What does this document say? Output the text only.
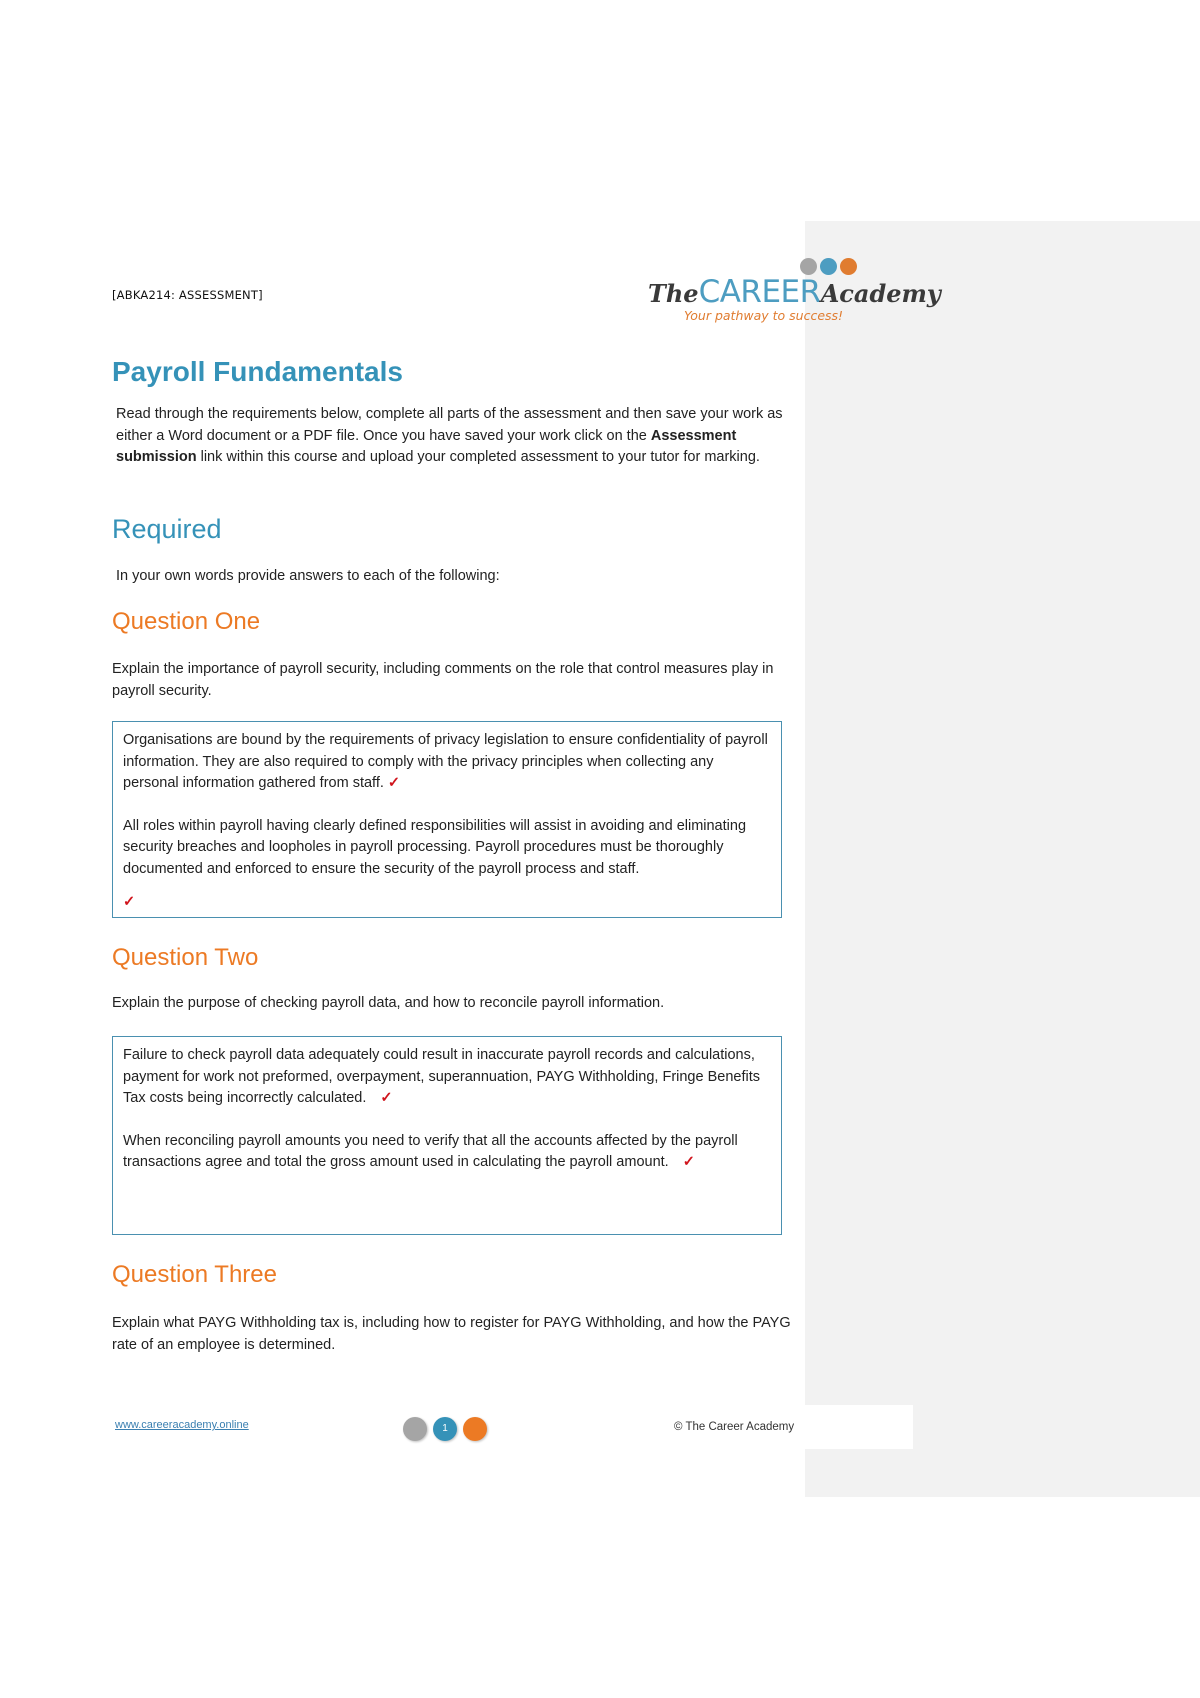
[ABKA214: ASSESSMENT]	TheCAREERAcademy
Your pathway to success!
Payroll Fundamentals
Read through the requirements below, complete all parts of the assessment and then save your work as either a Word document or a PDF file. Once you have saved your work click on the Assessment submission link within this course and upload your completed assessment to your tutor for marking.
Required
In your own words provide answers to each of the following:
Question One
Explain the importance of payroll security, including comments on the role that control measures play in payroll security.

Organisations are bound by the requirements of privacy legislation to ensure confidentiality of payroll information. They are also required to comply with the privacy principles when collecting any personal information gathered from staff. ✓

All roles within payroll having clearly defined responsibilities will assist in avoiding and eliminating security breaches and loopholes in payroll processing. Payroll procedures must be thoroughly documented and enforced to ensure the security of the payroll process and staff.

✓

Question Two
Explain the purpose of checking payroll data, and how to reconcile payroll information.

Failure to check payroll data adequately could result in inaccurate payroll records and calculations, payment for work not preformed, overpayment, superannuation, PAYG Withholding, Fringe Benefits Tax costs being incorrectly calculated. ✓

When reconciling payroll amounts you need to verify that all the accounts affected by the payroll transactions agree and total the gross amount used in calculating the payroll amount. ✓

Question Three
Explain what PAYG Withholding tax is, including how to register for PAYG Withholding, and how the PAYG rate of an employee is determined.
www.careeracademy.online	1	© The Career Academy
